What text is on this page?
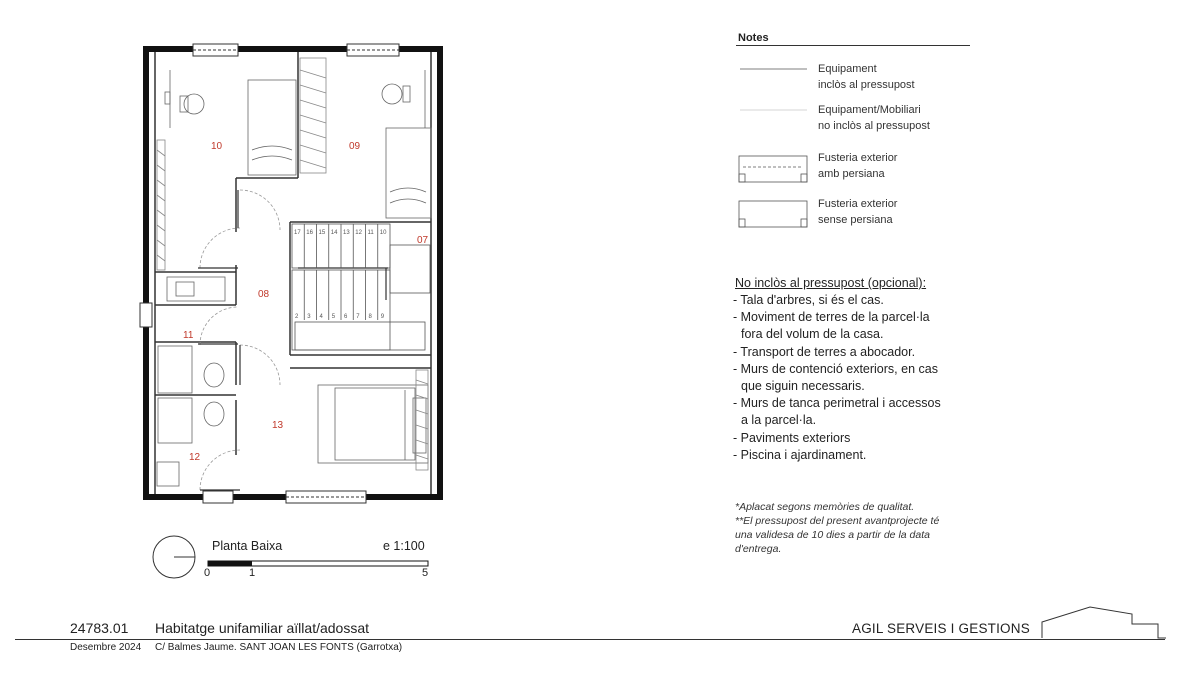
07
08
09
10
11
12
13
17 16 15 14 13 12 11 10
2 3 4 5 6 7 8 9
Notes
Equipament
inclòs al pressupost
Equipament/Mobiliari
no inclòs al pressupost
Fusteria exterior
amb persiana
Fusteria exterior
sense persiana
No inclòs al pressupost (opcional):
- Tala d'arbres, si és el cas.
- Moviment de terres de la parcel·la
fora del volum de la casa.
- Transport de terres a abocador.
- Murs de contenció exteriors, en cas
que siguin necessaris.
- Murs de tanca perimetral i accessos
a la parcel·la.
- Paviments exteriors
- Piscina i ajardinament.
*Aplacat segons memòries de qualitat.
**El pressupost del present avantprojecte té
una validesa de 10 dies a partir de la data
d'entrega.
Planta Baixa	e 1:100
0	1	5
24783.01 Habitatge unifamiliar aïllat/adossat
Desembre 2024 C/ Balmes Jaume. SANT JOAN LES FONTS (Garrotxa)
AGIL SERVEIS I GESTIONS
